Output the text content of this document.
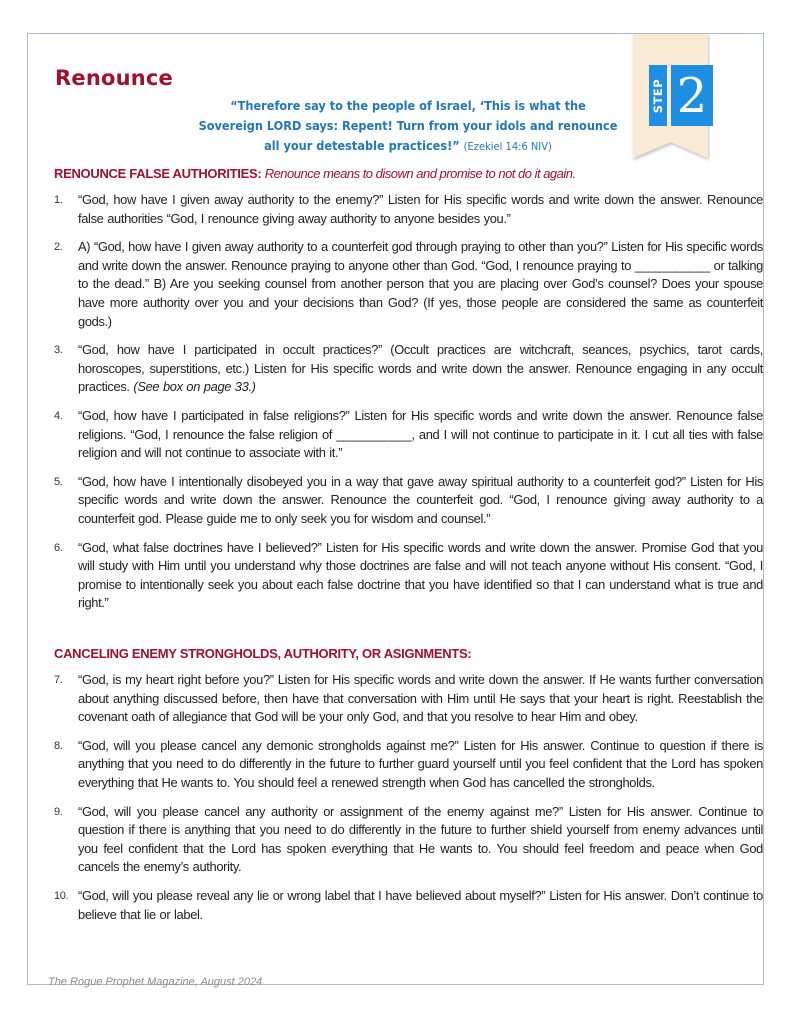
Renounce
“Therefore say to the people of Israel, ‘This is what the Sovereign LORD says: Repent! Turn from your idols and renounce all your detestable practices!” (Ezekiel 14:6 NIV)
STEP 2

RENOUNCE FALSE AUTHORITIES: Renounce means to disown and promise to not do it again.

1. “God, how have I given away authority to the enemy?” Listen for His specific words and write down the answer. Renounce false authorities “God, I renounce giving away authority to anyone besides you.”
2. A) “God, how have I given away authority to a counterfeit god through praying to other than you?” Listen for His specific words and write down the answer. Renounce praying to anyone other than God. “God, I renounce praying to ___________ or talking to the dead.” B) Are you seeking counsel from another person that you are placing over God’s counsel? Does your spouse have more authority over you and your decisions than God? (If yes, those people are considered the same as counterfeit gods.)
3. “God, how have I participated in occult practices?” (Occult practices are witchcraft, seances, psychics, tarot cards, horoscopes, superstitions, etc.) Listen for His specific words and write down the answer. Renounce engaging in any occult practices. (See box on page 33.)
4. “God, how have I participated in false religions?” Listen for His specific words and write down the answer. Renounce false religions. “God, I renounce the false religion of ___________, and I will not continue to participate in it. I cut all ties with false religion and will not continue to associate with it.”
5. “God, how have I intentionally disobeyed you in a way that gave away spiritual authority to a counterfeit god?” Listen for His specific words and write down the answer. Renounce the counterfeit god. “God, I renounce giving away authority to a counterfeit god. Please guide me to only seek you for wisdom and counsel.”
6. “God, what false doctrines have I believed?” Listen for His specific words and write down the answer. Promise God that you will study with Him until you understand why those doctrines are false and will not teach anyone without His consent. “God, I promise to intentionally seek you about each false doctrine that you have identified so that I can understand what is true and right.”

CANCELING ENEMY STRONGHOLDS, AUTHORITY, OR ASIGNMENTS:

7. “God, is my heart right before you?” Listen for His specific words and write down the answer. If He wants further conversation about anything discussed before, then have that conversation with Him until He says that your heart is right. Reestablish the covenant oath of allegiance that God will be your only God, and that you resolve to hear Him and obey.
8. “God, will you please cancel any demonic strongholds against me?” Listen for His answer. Continue to question if there is anything that you need to do differently in the future to further guard yourself until you feel confident that the Lord has spoken everything that He wants to. You should feel a renewed strength when God has cancelled the strongholds.
9. “God, will you please cancel any authority or assignment of the enemy against me?” Listen for His answer. Continue to question if there is anything that you need to do differently in the future to further shield yourself from enemy advances until you feel confident that the Lord has spoken everything that He wants to. You should feel freedom and peace when God cancels the enemy’s authority.
10. “God, will you please reveal any lie or wrong label that I have believed about myself?” Listen for His answer. Don’t continue to believe that lie or label.
The Rogue Prophet Magazine, August 2024
